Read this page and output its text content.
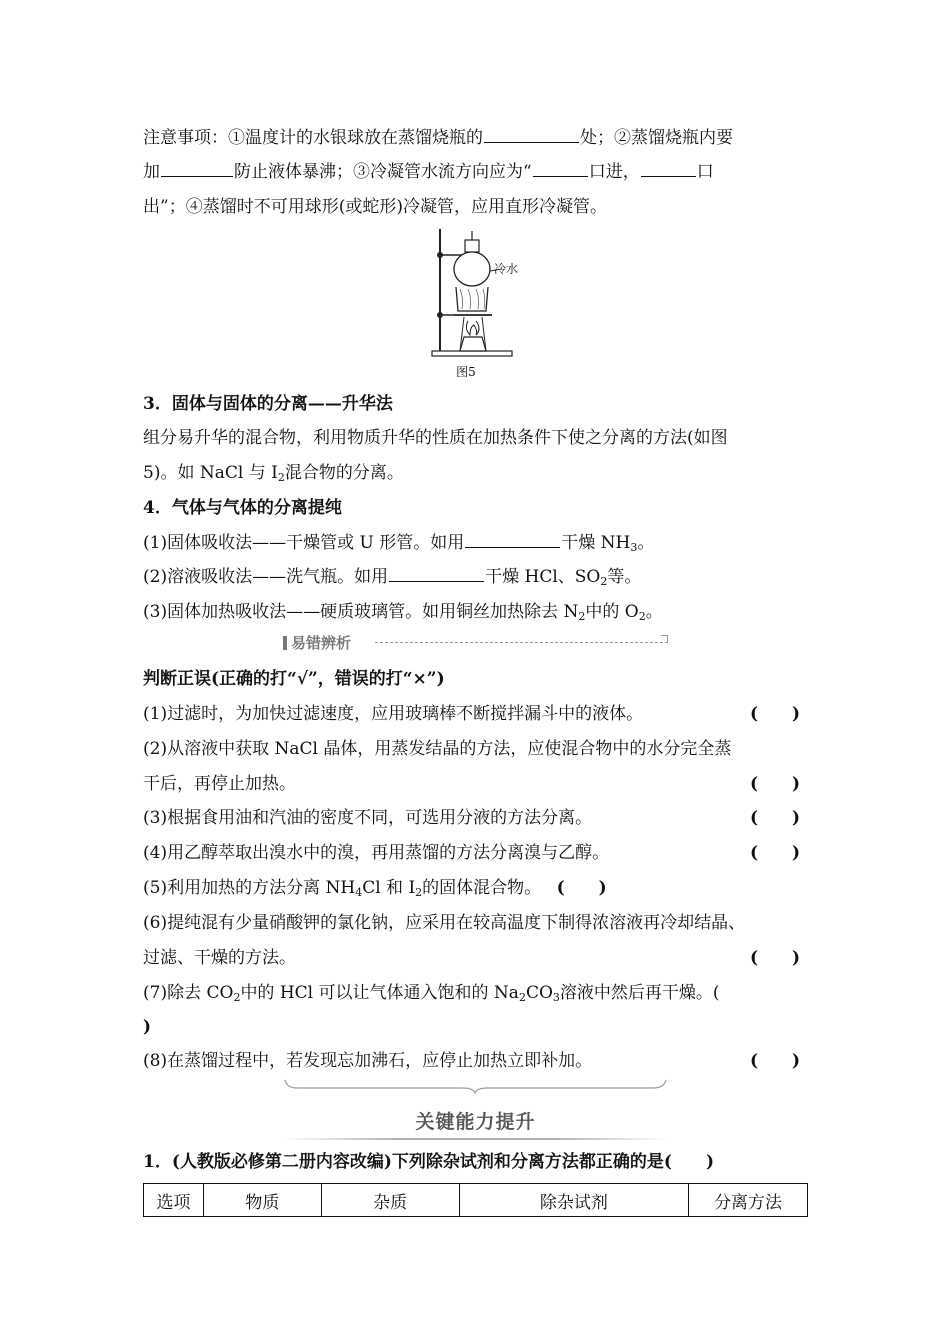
注意事项：①温度计的水银球放在蒸馏烧瓶的	处；②蒸馏烧瓶内要
加	防止液体暴沸；③冷凝管水流方向应为“	口进，	口
出”；④蒸馏时不可用球形(或蛇形)冷凝管，应用直形冷凝管。
冷水
图5
3．固体与固体的分离——升华法
组分易升华的混合物，利用物质升华的性质在加热条件下使之分离的方法(如图
5)。如 NaCl 与 $I_2$混合物的分离。
4．气体与气体的分离提纯
(1)固体吸收法——干燥管或 U 形管。如用	干燥 $NH_3$。
(2)溶液吸收法——洗气瓶。如用	干燥 HCl、$SO_2$等。
(3)固体加热吸收法——硬质玻璃管。如用铜丝加热除去 $N_2$中的 $O_2$。
易错辨析
判断正误(正确的打“√”，错误的打“×”)
(1)过滤时，为加快过滤速度，应用玻璃棒不断搅拌漏斗中的液体。	(　　)
(2)从溶液中获取 NaCl 晶体，用蒸发结晶的方法，应使混合物中的水分完全蒸
干后，再停止加热。	(　　)
(3)根据食用油和汽油的密度不同，可选用分液的方法分离。	(　　)
(4)用乙醇萃取出溴水中的溴，再用蒸馏的方法分离溴与乙醇。	(　　)
(5)利用加热的方法分离 $NH_4Cl$ 和 $I_2$的固体混合物。 (　　)
(6)提纯混有少量硝酸钾的氯化钠，应采用在较高温度下制得浓溶液再冷却结晶、
过滤、干燥的方法。	(　　)
(7)除去 $CO_2$中的 HCl 可以让气体通入饱和的 $Na_2CO_3$溶液中然后再干燥。(
)
(8)在蒸馏过程中，若发现忘加沸石，应停止加热立即补加。	(　　)
关键能力提升
1．(人教版必修第二册内容改编)下列除杂试剂和分离方法都正确的是(　　)
选项	物质	杂质	除杂试剂	分离方法
